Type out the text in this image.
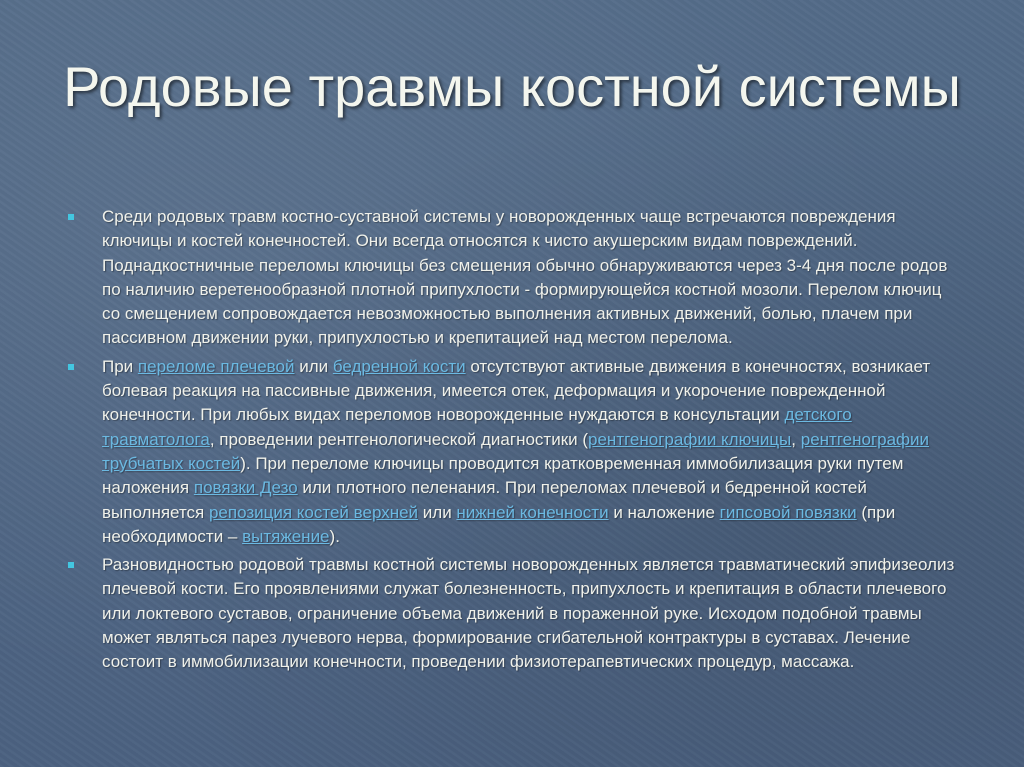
Родовые травмы костной системы
Среди родовых травм костно-суставной системы у новорожденных чаще встречаются повреждения ключицы и костей конечностей. Они всегда относятся к чисто акушерским видам повреждений. Поднадкостничные переломы ключицы без смещения обычно обнаруживаются через 3-4 дня после родов по наличию веретенообразной плотной припухлости - формирующейся костной мозоли. Перелом ключиц со смещением сопровождается невозможностью выполнения активных движений, болью, плачем при пассивном движении руки, припухлостью и крепитацией над местом перелома.
При переломе плечевой или бедренной кости отсутствуют активные движения в конечностях, возникает болевая реакция на пассивные движения, имеется отек, деформация и укорочение поврежденной конечности. При любых видах переломов новорожденные нуждаются в консультации детского травматолога, проведении рентгенологической диагностики (рентгенографии ключицы, рентгенографии трубчатых костей). При переломе ключицы проводится кратковременная иммобилизация руки путем наложения повязки Дезо или плотного пеленания. При переломах плечевой и бедренной костей выполняется репозиция костей верхней или нижней конечности и наложение гипсовой повязки (при необходимости – вытяжение).
Разновидностью родовой травмы костной системы новорожденных является травматический эпифизеолиз плечевой кости. Его проявлениями служат болезненность, припухлость и крепитация в области плечевого или локтевого суставов, ограничение объема движений в пораженной руке. Исходом подобной травмы может являться парез лучевого нерва, формирование сгибательной контрактуры в суставах. Лечение состоит в иммобилизации конечности, проведении физиотерапевтических процедур, массажа.
